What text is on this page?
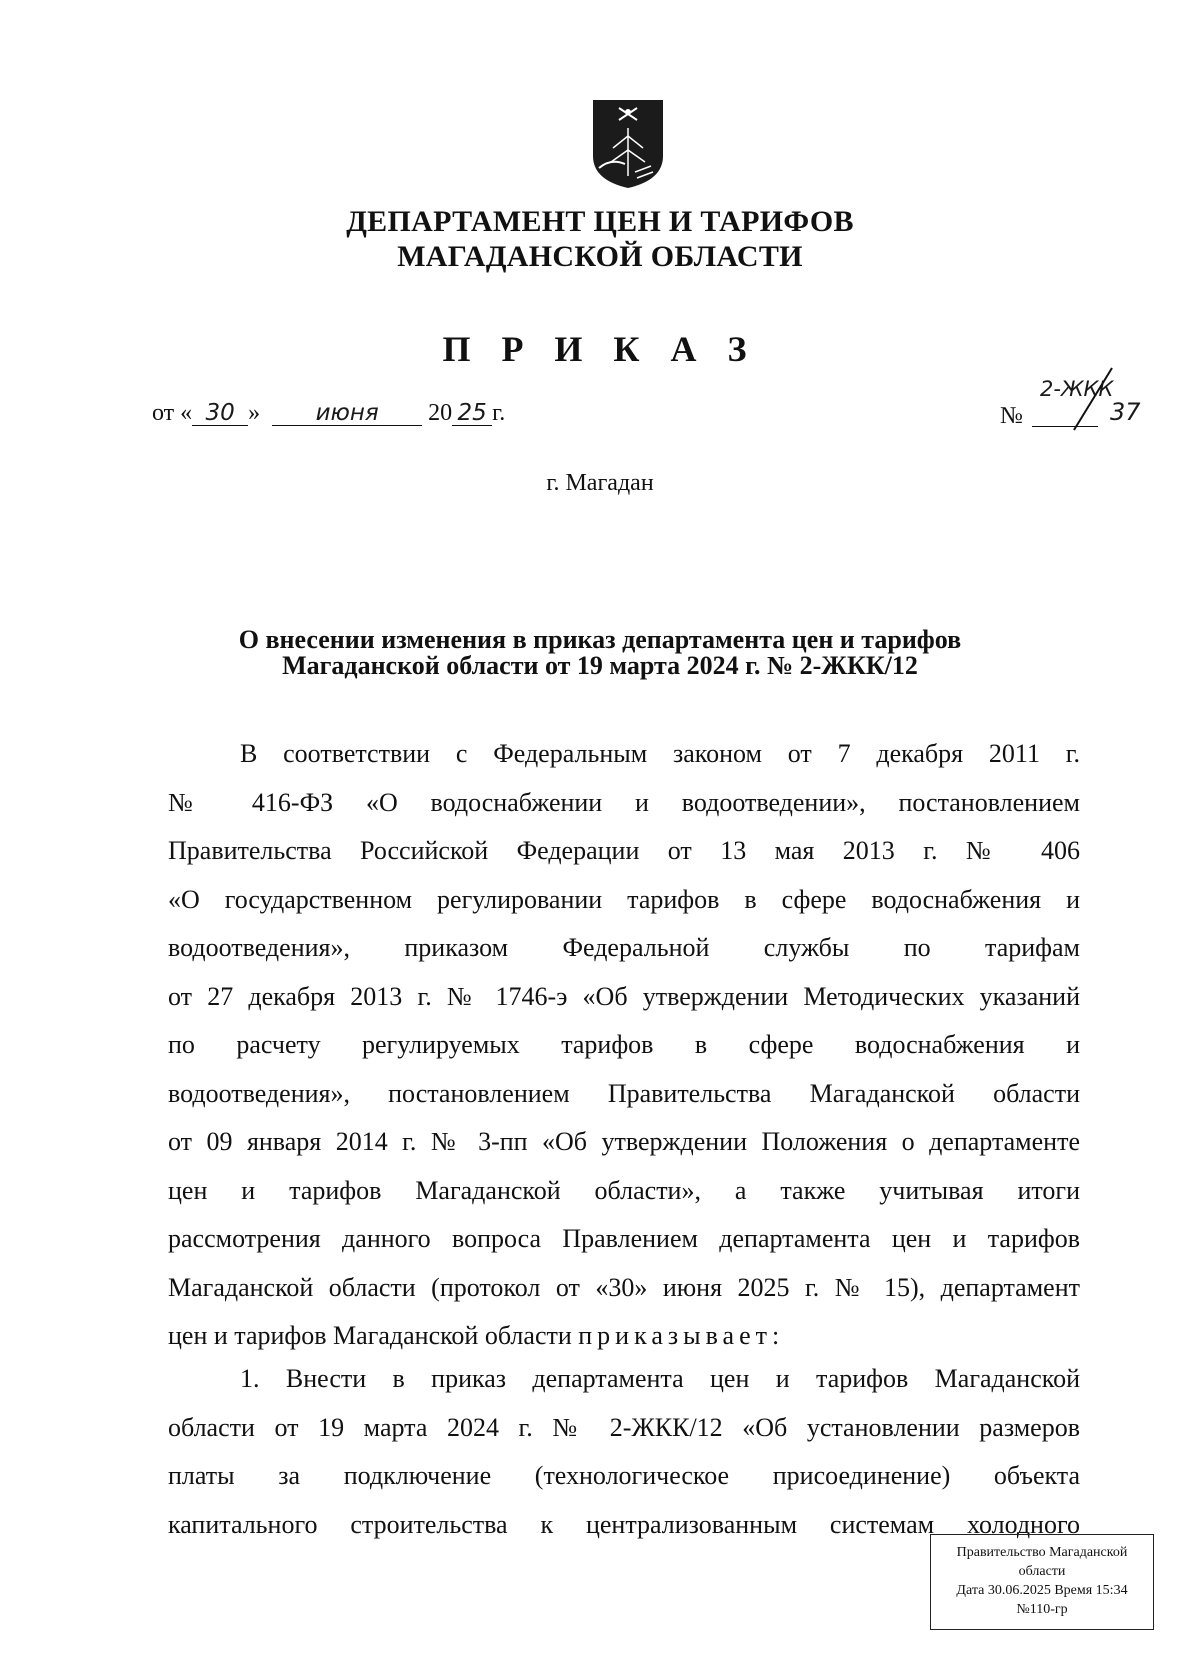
ДЕПАРТАМЕНТ ЦЕН И ТАРИФОВ
МАГАДАНСКОЙ ОБЛАСТИ
П Р И К А З
от « 30 » июня 20 25 г.
2-ЖКК
№	37
г. Магадан
О внесении изменения в приказ департамента цен и тарифов
Магаданской области от 19 марта 2024 г. № 2-ЖКК/12
В соответствии с Федеральным законом от 7 декабря 2011 г.
№ 416-ФЗ «О водоснабжении и водоотведении», постановлением
Правительства Российской Федерации от 13 мая 2013 г. № 406
«О государственном регулировании тарифов в сфере водоснабжения и
водоотведения», приказом Федеральной службы по тарифам
от 27 декабря 2013 г. № 1746-э «Об утверждении Методических указаний
по расчету регулируемых тарифов в сфере водоснабжения и
водоотведения», постановлением Правительства Магаданской области
от 09 января 2014 г. № 3-пп «Об утверждении Положения о департаменте
цен и тарифов Магаданской области», а также учитывая итоги
рассмотрения данного вопроса Правлением департамента цен и тарифов
Магаданской области (протокол от «30» июня 2025 г. № 15), департамент
цен и тарифов Магаданской области приказывает:
1. Внести в приказ департамента цен и тарифов Магаданской
области от 19 марта 2024 г. № 2-ЖКК/12 «Об установлении размеров
платы за подключение (технологическое присоединение) объекта
капитального строительства к централизованным системам холодного
Правительство Магаданской
области
Дата 30.06.2025 Время 15:34
№110-гр
